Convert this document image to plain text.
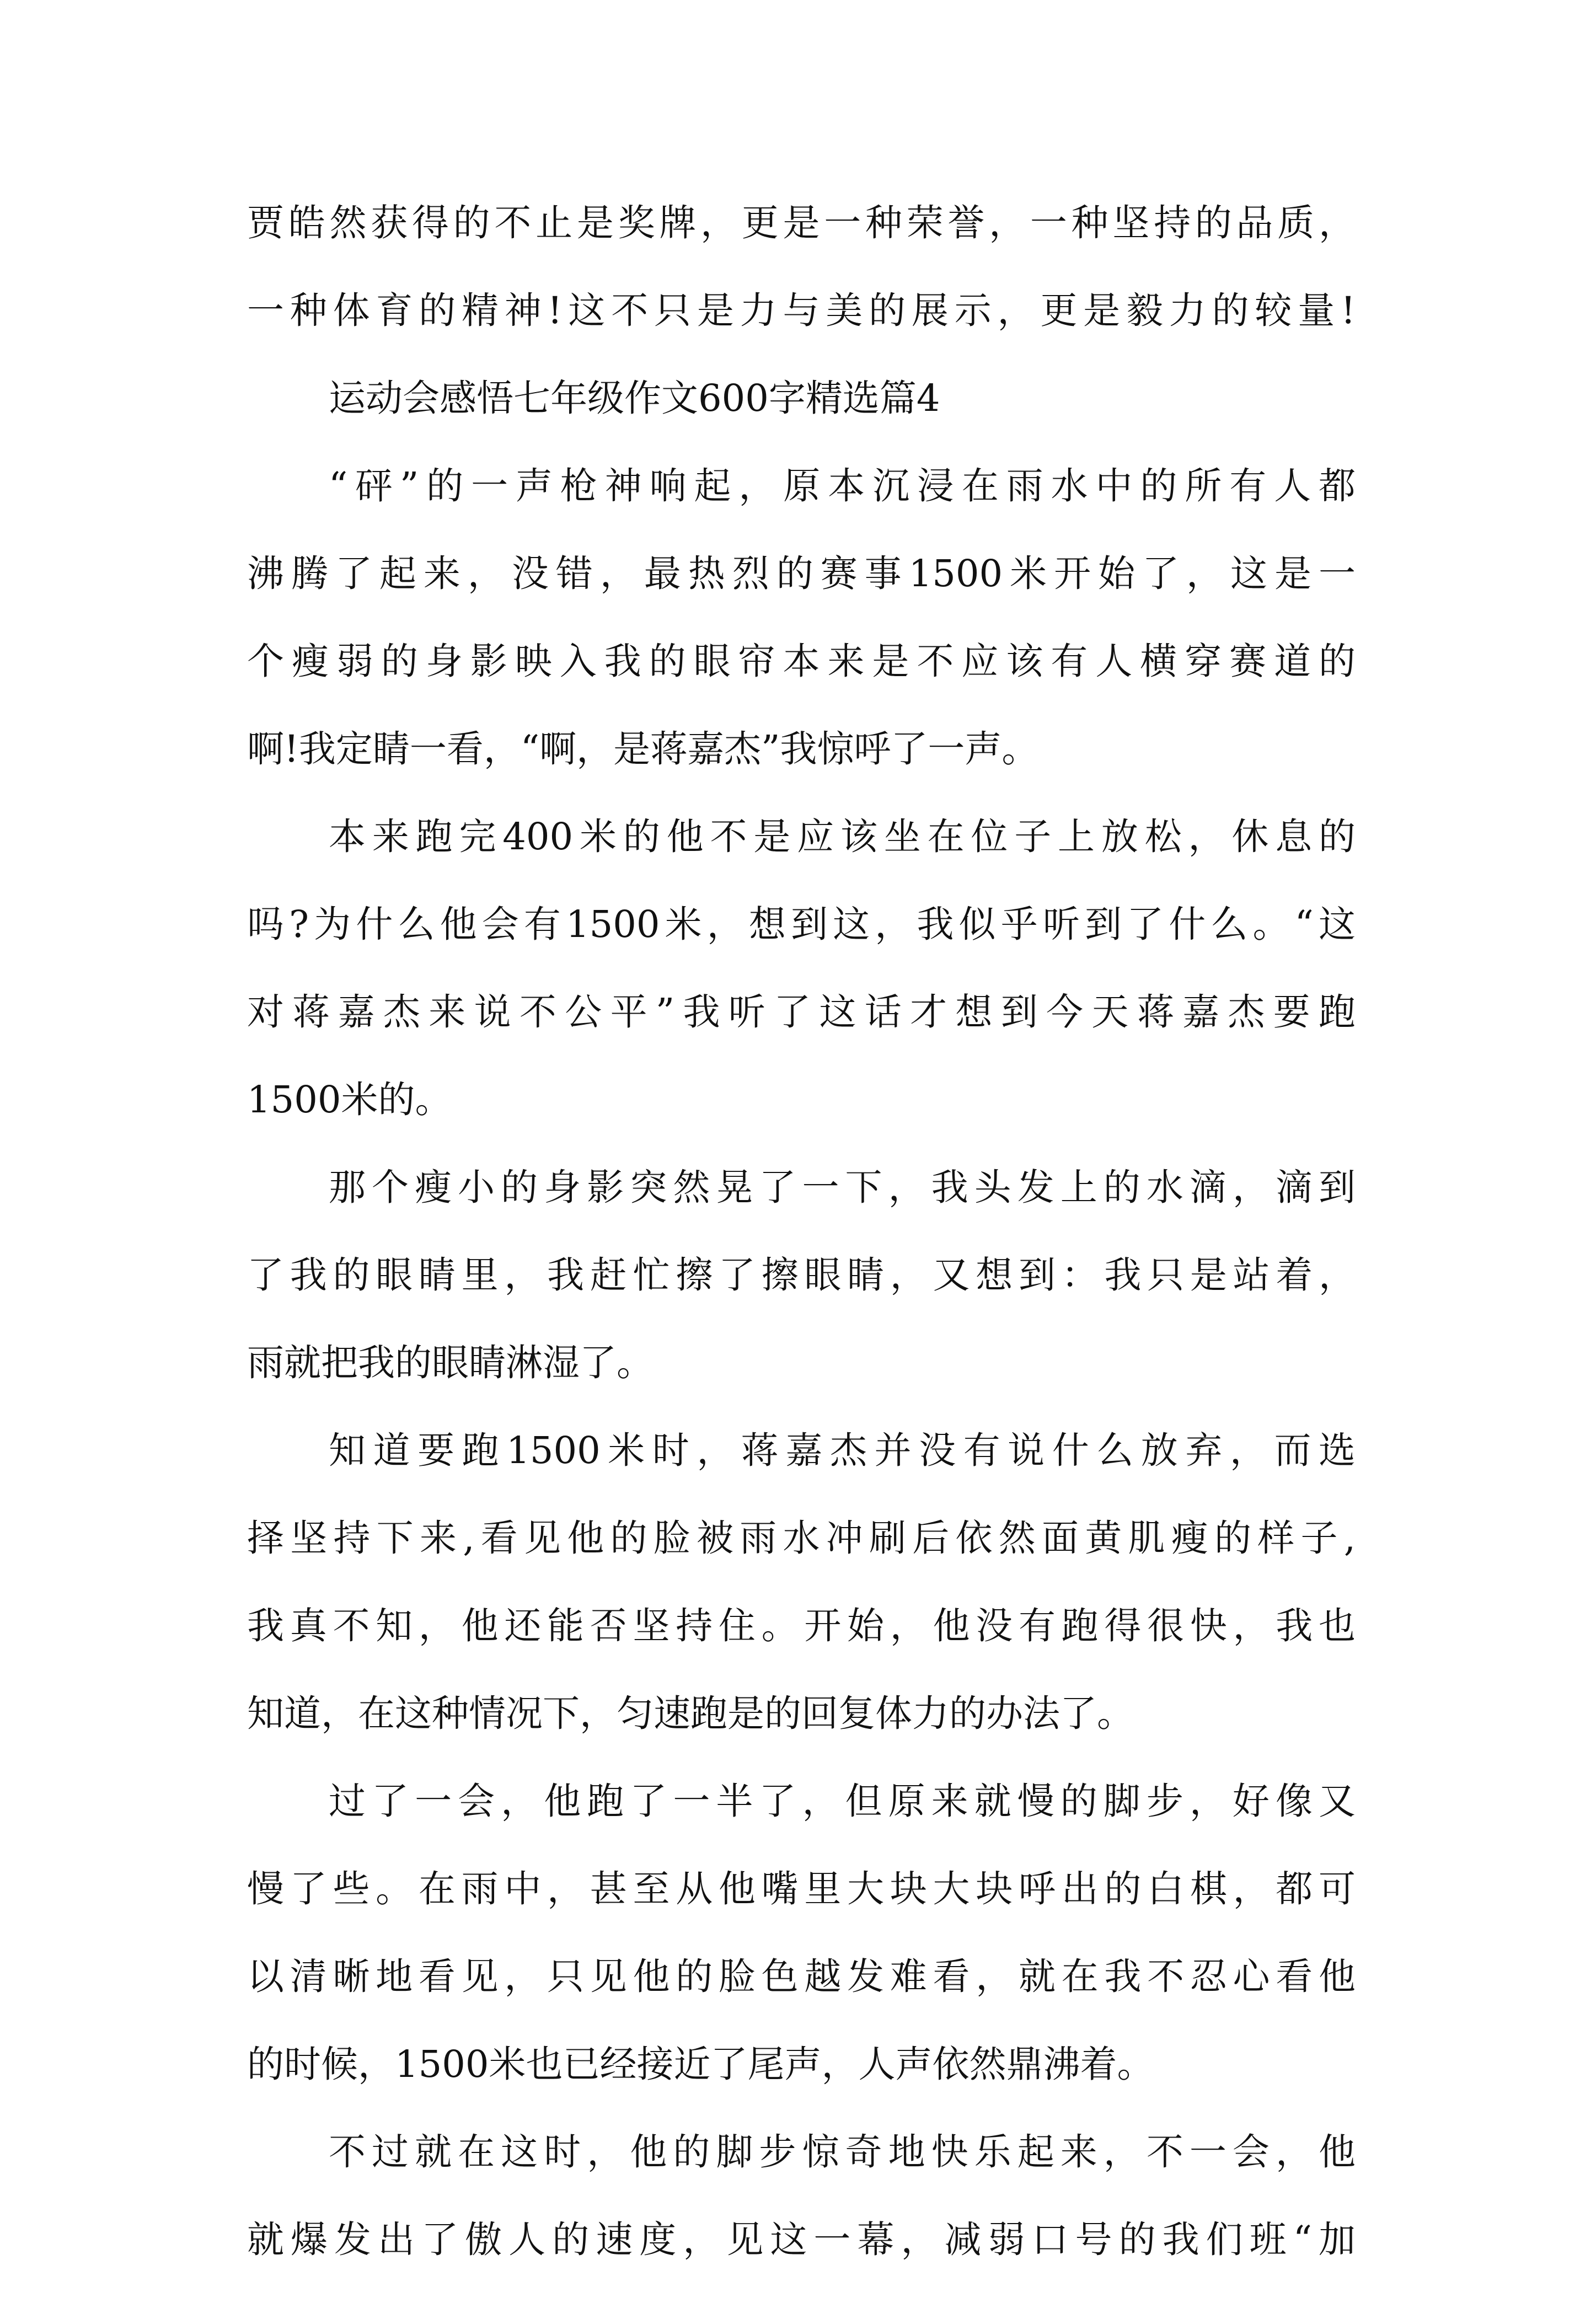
贾皓然获得的不止是奖牌，更是一种荣誉，一种坚持的品质，
一种体育的精神!这不只是力与美的展示，更是毅力的较量!
运动会感悟七年级作文600字精选篇4
“砰”的一声枪神响起，原本沉浸在雨水中的所有人都
沸腾了起来，没错，最热烈的赛事1500米开始了，这是一
个瘦弱的身影映入我的眼帘本来是不应该有人横穿赛道的
啊!我定睛一看，“啊，是蒋嘉杰”我惊呼了一声。
本来跑完400米的他不是应该坐在位子上放松，休息的
吗?为什么他会有1500米，想到这，我似乎听到了什么。“这
对蒋嘉杰来说不公平”我听了这话才想到今天蒋嘉杰要跑
1500米的。
那个瘦小的身影突然晃了一下，我头发上的水滴，滴到
了我的眼睛里，我赶忙擦了擦眼睛，又想到：我只是站着，
雨就把我的眼睛淋湿了。
知道要跑1500米时，蒋嘉杰并没有说什么放弃，而选
择坚持下来,看见他的脸被雨水冲刷后依然面黄肌瘦的样子,
我真不知，他还能否坚持住。开始，他没有跑得很快，我也
知道，在这种情况下，匀速跑是的回复体力的办法了。
过了一会，他跑了一半了，但原来就慢的脚步，好像又
慢了些。在雨中，甚至从他嘴里大块大块呼出的白棋，都可
以清晰地看见，只见他的脸色越发难看，就在我不忍心看他
的时候，1500米也已经接近了尾声，人声依然鼎沸着。
不过就在这时，他的脚步惊奇地快乐起来，不一会，他
就爆发出了傲人的速度，见这一幕，减弱口号的我们班“加
